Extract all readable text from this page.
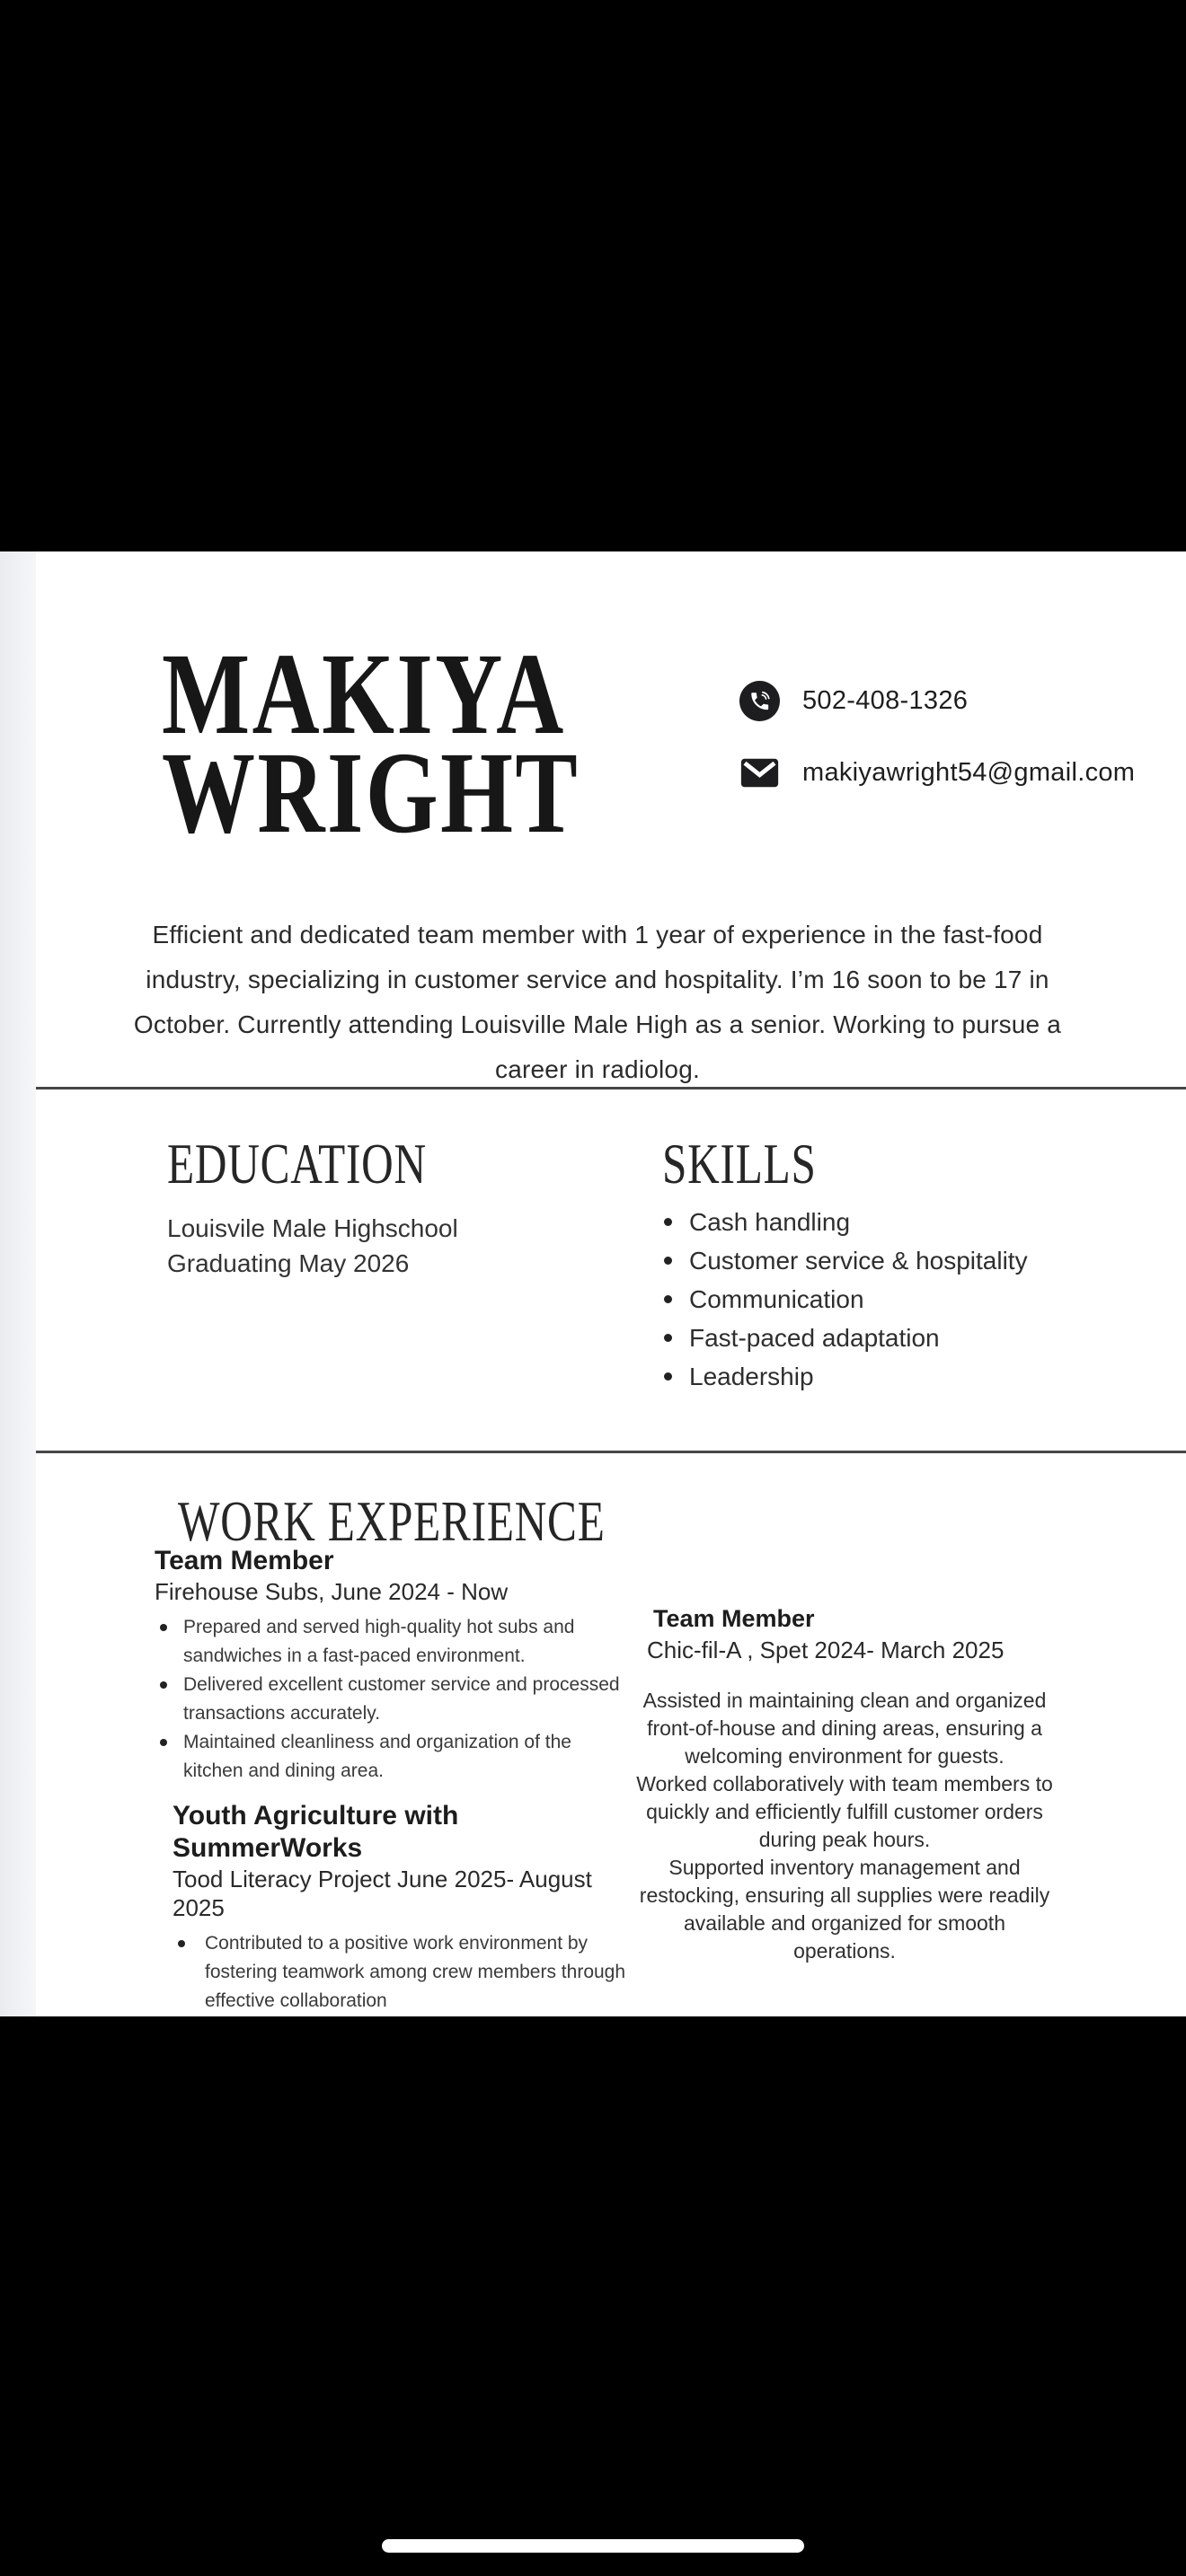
MAKIYA
WRIGHT
502-408-1326
makiyawright54@gmail.com

Efficient and dedicated team member with 1 year of experience in the fast-food industry, specializing in customer service and hospitality. I’m 16 soon to be 17 in October. Currently attending Louisville Male High as a senior. Working to pursue a career in radiolog.

EDUCATION

Louisvile Male Highschool

Graduating May 2026

SKILLS
Cash handling
Customer service & hospitality
Communication
Fast-paced adaptation
Leadership
WORK EXPERIENCE
Team Member
Firehouse Subs, June 2024 - Now
Prepared and served high-quality hot subs and sandwiches in a fast-paced environment.
Delivered excellent customer service and processed transactions accurately.
Maintained cleanliness and organization of the kitchen and dining area.
Youth Agriculture with SummerWorks
Tood Literacy Project June 2025- August 2025
Contributed to a positive work environment by fostering teamwork among crew members through effective collaboration
Team Member
Chic-fil-A , Spet 2024- March 2025
Assisted in maintaining clean and organized front-of-house and dining areas, ensuring a welcoming environment for guests.
Worked collaboratively with team members to quickly and efficiently fulfill customer orders during peak hours.
Supported inventory management and restocking, ensuring all supplies were readily available and organized for smooth operations.
